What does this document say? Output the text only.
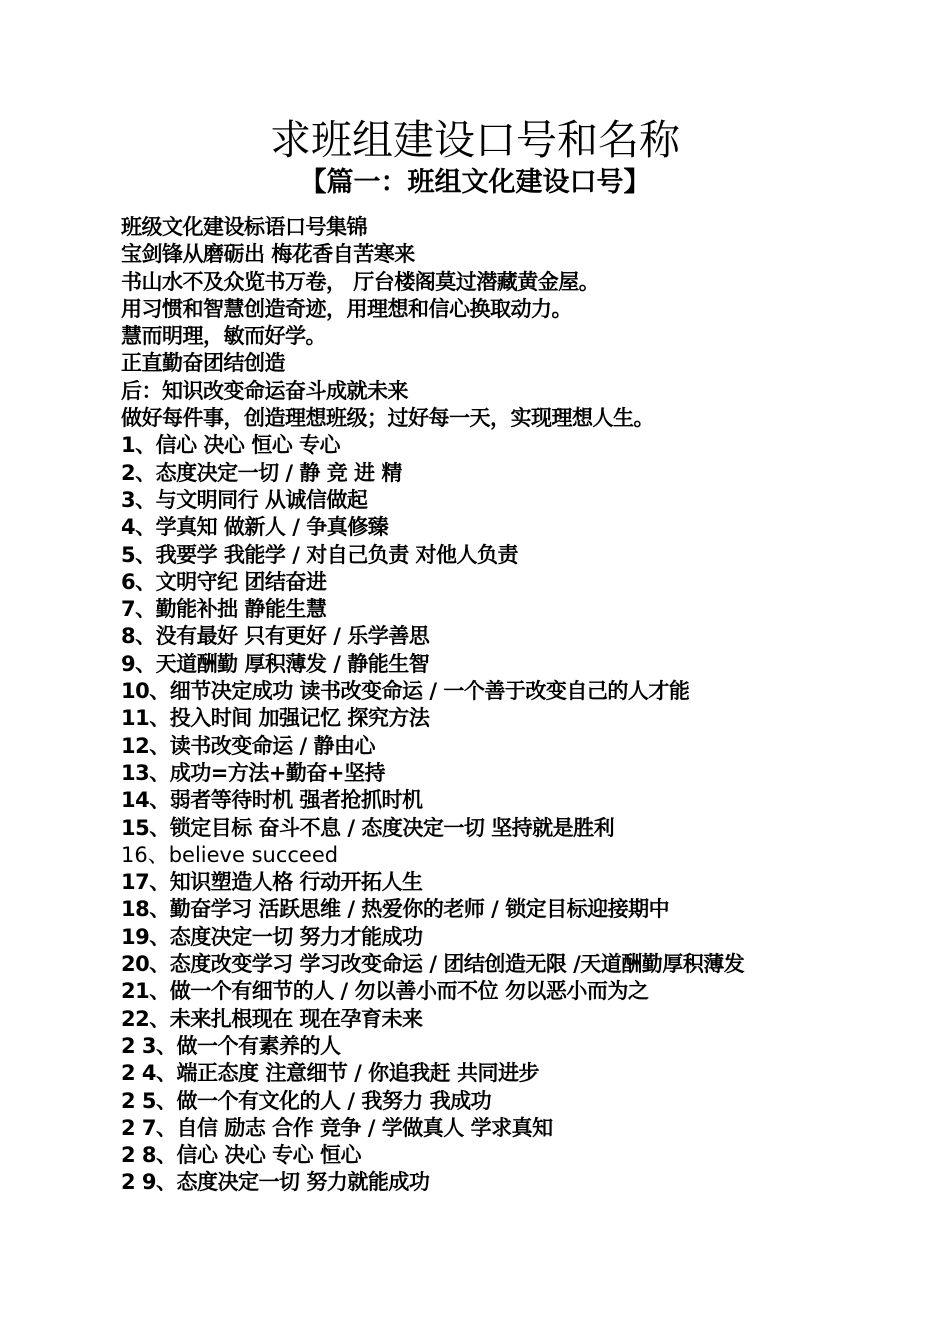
求班组建设口号和名称
【篇一：班组文化建设口号】
班级文化建设标语口号集锦
宝剑锋从磨砺出 梅花香自苦寒来
书山水不及众览书万卷， 厅台楼阁莫过潜藏黄金屋。
用习惯和智慧创造奇迹，用理想和信心换取动力。
慧而明理，敏而好学。
正直勤奋团结创造
后：知识改变命运奋斗成就未来
做好每件事，创造理想班级；过好每一天，实现理想人生。
1、信心 决心 恒心 专心
2、态度决定一切 / 静 竞 进 精
3、与文明同行 从诚信做起
4、学真知 做新人 / 争真修臻
5、我要学 我能学 / 对自己负责 对他人负责
6、文明守纪 团结奋进
7、勤能补拙 静能生慧
8、没有最好 只有更好 / 乐学善思
9、天道酬勤 厚积薄发 / 静能生智
10、细节决定成功 读书改变命运 / 一个善于改变自己的人才能
11、投入时间 加强记忆 探究方法
12、读书改变命运 / 静由心
13、成功=方法+勤奋+坚持
14、弱者等待时机 强者抢抓时机
15、锁定目标 奋斗不息 / 态度决定一切 坚持就是胜利
16、believe succeed
17、知识塑造人格 行动开拓人生
18、勤奋学习 活跃思维 / 热爱你的老师 / 锁定目标迎接期中
19、态度决定一切 努力才能成功
20、态度改变学习 学习改变命运 / 团结创造无限 /天道酬勤厚积薄发
21、做一个有细节的人 / 勿以善小而不位 勿以恶小而为之
22、未来扎根现在 现在孕育未来
2 3、做一个有素养的人
2 4、端正态度 注意细节 / 你追我赶 共同进步
2 5、做一个有文化的人 / 我努力 我成功
2 7、自信 励志 合作 竞争 / 学做真人 学求真知
2 8、信心 决心 专心 恒心
2 9、态度决定一切 努力就能成功
